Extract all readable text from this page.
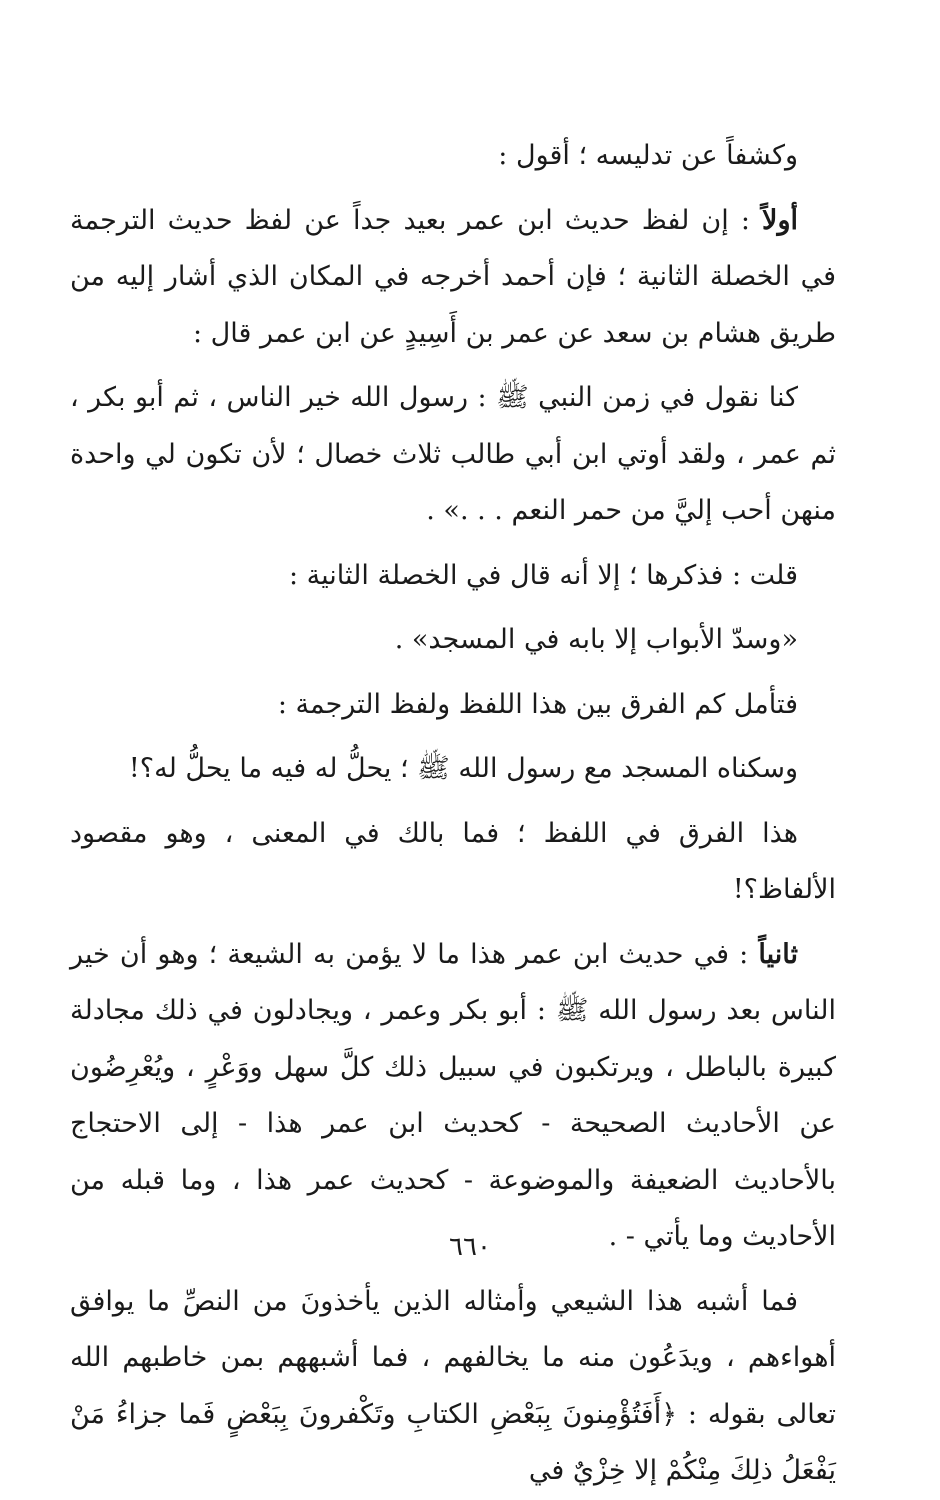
وكشفاً عن تدليسه ؛ أقول :

أولاً : إن لفظ حديث ابن عمر بعيد جداً عن لفظ حديث الترجمة في الخصلة الثانية ؛ فإن أحمد أخرجه في المكان الذي أشار إليه من طريق هشام بن سعد عن عمر بن أَسِيدٍ عن ابن عمر قال :

كنا نقول في زمن النبي ﷺ : رسول الله خير الناس ، ثم أبو بكر ، ثم عمر ، ولقد أوتي ابن أبي طالب ثلاث خصال ؛ لأن تكون لي واحدة منهن أحب إليَّ من حمر النعم . . .» .

قلت : فذكرها ؛ إلا أنه قال في الخصلة الثانية :

«وسدّ الأبواب إلا بابه في المسجد» .

فتأمل كم الفرق بين هذا اللفظ ولفظ الترجمة :

وسكناه المسجد مع رسول الله ﷺ ؛ يحلُّ له فيه ما يحلُّ له؟!

هذا الفرق في اللفظ ؛ فما بالك في المعنى ، وهو مقصود الألفاظ؟!

ثانياً : في حديث ابن عمر هذا ما لا يؤمن به الشيعة ؛ وهو أن خير الناس بعد رسول الله ﷺ : أبو بكر وعمر ، ويجادلون في ذلك مجادلة كبيرة بالباطل ، ويرتكبون في سبيل ذلك كلَّ سهل ووَعْرٍ ، ويُعْرِضُون عن الأحاديث الصحيحة - كحديث ابن عمر هذا - إلى الاحتجاج بالأحاديث الضعيفة والموضوعة - كحديث عمر هذا ، وما قبله من الأحاديث وما يأتي - .

فما أشبه هذا الشيعي وأمثاله الذين يأخذونَ من النصِّ ما يوافق أهواءهم ، ويدَعُون منه ما يخالفهم ، فما أشبههم بمن خاطبهم الله تعالى بقوله : ﴿أَفَتُؤْمِنونَ بِبَعْضِ الكتابِ وتَكْفرونَ بِبَعْضٍ فَما جزاءُ مَنْ يَفْعَلُ ذلِكَ مِنْكُمْ إلا خِزْيٌ في

٦٦٠
